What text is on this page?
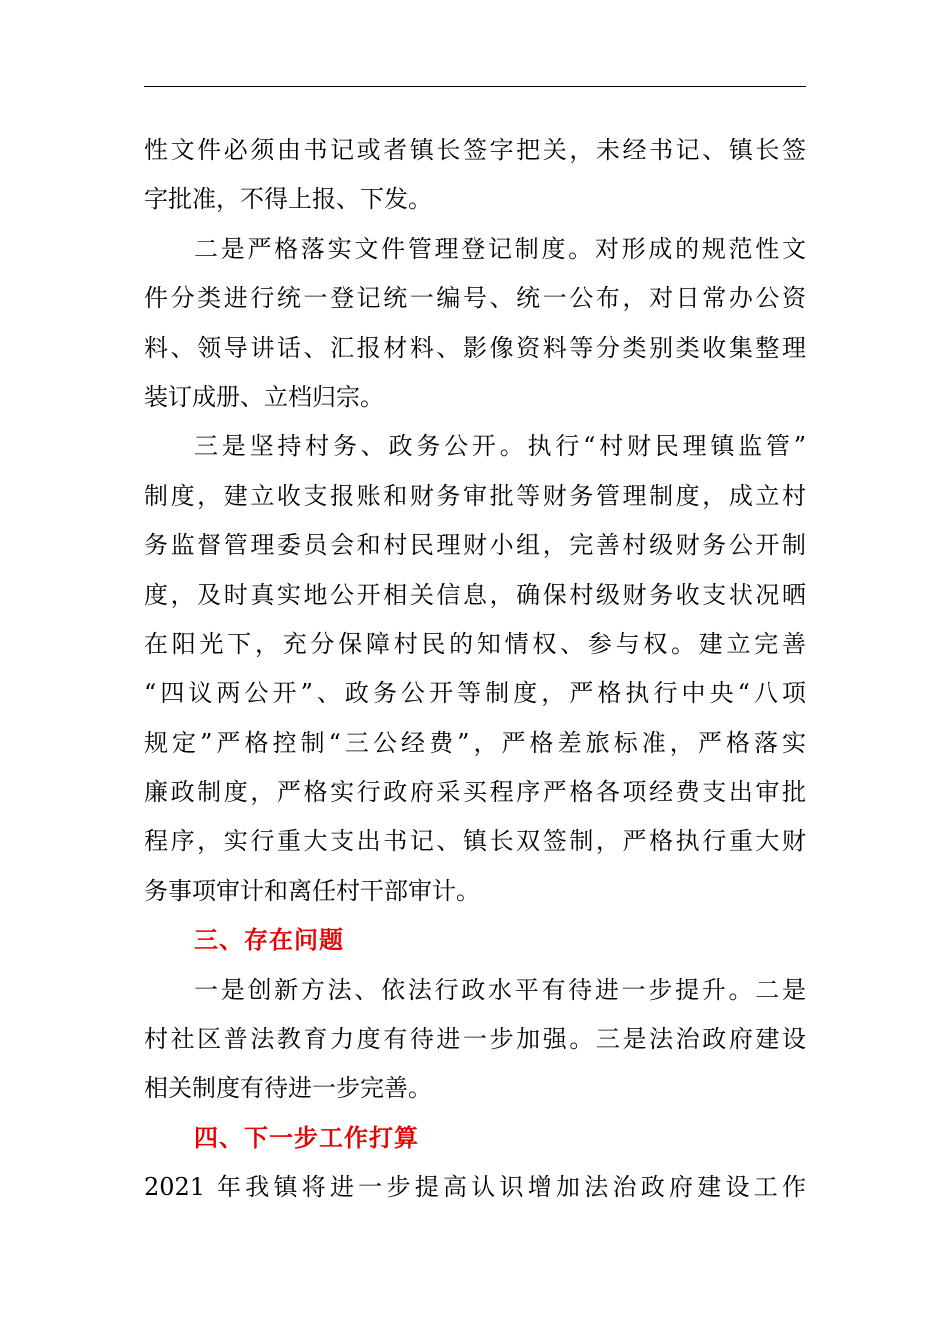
性文件必须由书记或者镇长签字把关，未经书记、镇长签
字批准，不得上报、下发。
二是严格落实文件管理登记制度。对形成的规范性文
件分类进行统一登记统一编号、统一公布，对日常办公资
料、领导讲话、汇报材料、影像资料等分类别类收集整理
装订成册、立档归宗。
三是坚持村务、政务公开。执行“村财民理镇监管”
制度，建立收支报账和财务审批等财务管理制度，成立村
务监督管理委员会和村民理财小组，完善村级财务公开制
度，及时真实地公开相关信息，确保村级财务收支状况晒
在阳光下，充分保障村民的知情权、参与权。建立完善
“四议两公开”、政务公开等制度，严格执行中央“八项
规定”严格控制“三公经费”，严格差旅标准，严格落实
廉政制度，严格实行政府采买程序严格各项经费支出审批
程序，实行重大支出书记、镇长双签制，严格执行重大财
务事项审计和离任村干部审计。
三、存在问题
一是创新方法、依法行政水平有待进一步提升。二是
村社区普法教育力度有待进一步加强。三是法治政府建设
相关制度有待进一步完善。
四、下一步工作打算
2021 年我镇将进一步提高认识增加法治政府建设工作
